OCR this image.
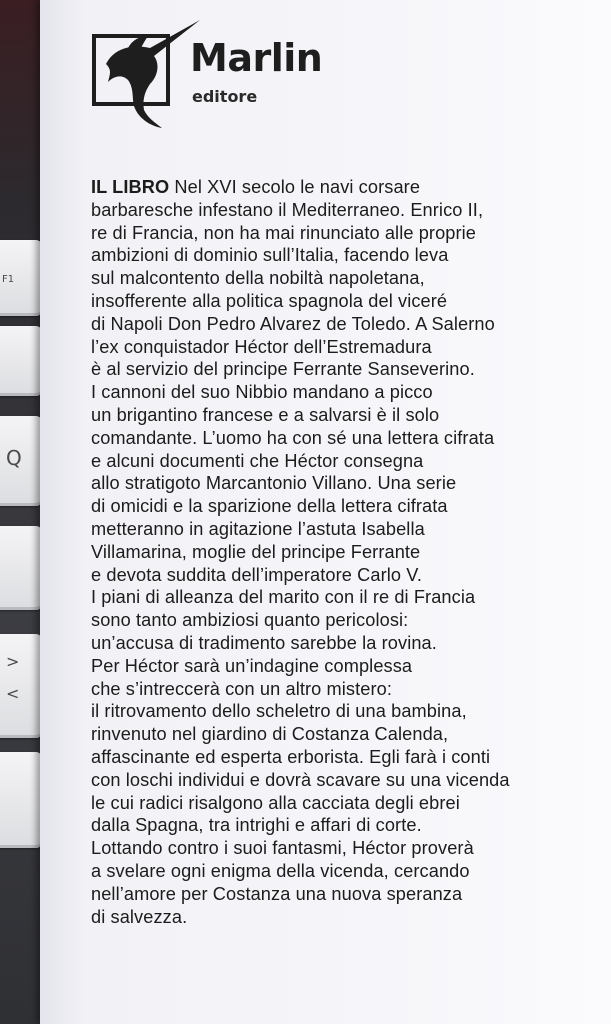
F1
Q
>
<
Marlin
editore
IL LIBRO Nel XVI secolo le navi corsare
barbaresche infestano il Mediterraneo. Enrico II,
re di Francia, non ha mai rinunciato alle proprie
ambizioni di dominio sull’Italia, facendo leva
sul malcontento della nobiltà napoletana,
insofferente alla politica spagnola del viceré
di Napoli Don Pedro Alvarez de Toledo. A Salerno
l’ex conquistador Héctor dell’Estremadura
è al servizio del principe Ferrante Sanseverino.
I cannoni del suo Nibbio mandano a picco
un brigantino francese e a salvarsi è il solo
comandante. L’uomo ha con sé una lettera cifrata
e alcuni documenti che Héctor consegna
allo stratigoto Marcantonio Villano. Una serie
di omicidi e la sparizione della lettera cifrata
metteranno in agitazione l’astuta Isabella
Villamarina, moglie del principe Ferrante
e devota suddita dell’imperatore Carlo V.
I piani di alleanza del marito con il re di Francia
sono tanto ambiziosi quanto pericolosi:
un’accusa di tradimento sarebbe la rovina.
Per Héctor sarà un’indagine complessa
che s’intreccerà con un altro mistero:
il ritrovamento dello scheletro di una bambina,
rinvenuto nel giardino di Costanza Calenda,
affascinante ed esperta erborista. Egli farà i conti
con loschi individui e dovrà scavare su una vicenda
le cui radici risalgono alla cacciata degli ebrei
dalla Spagna, tra intrighi e affari di corte.
Lottando contro i suoi fantasmi, Héctor proverà
a svelare ogni enigma della vicenda, cercando
nell’amore per Costanza una nuova speranza
di salvezza.
